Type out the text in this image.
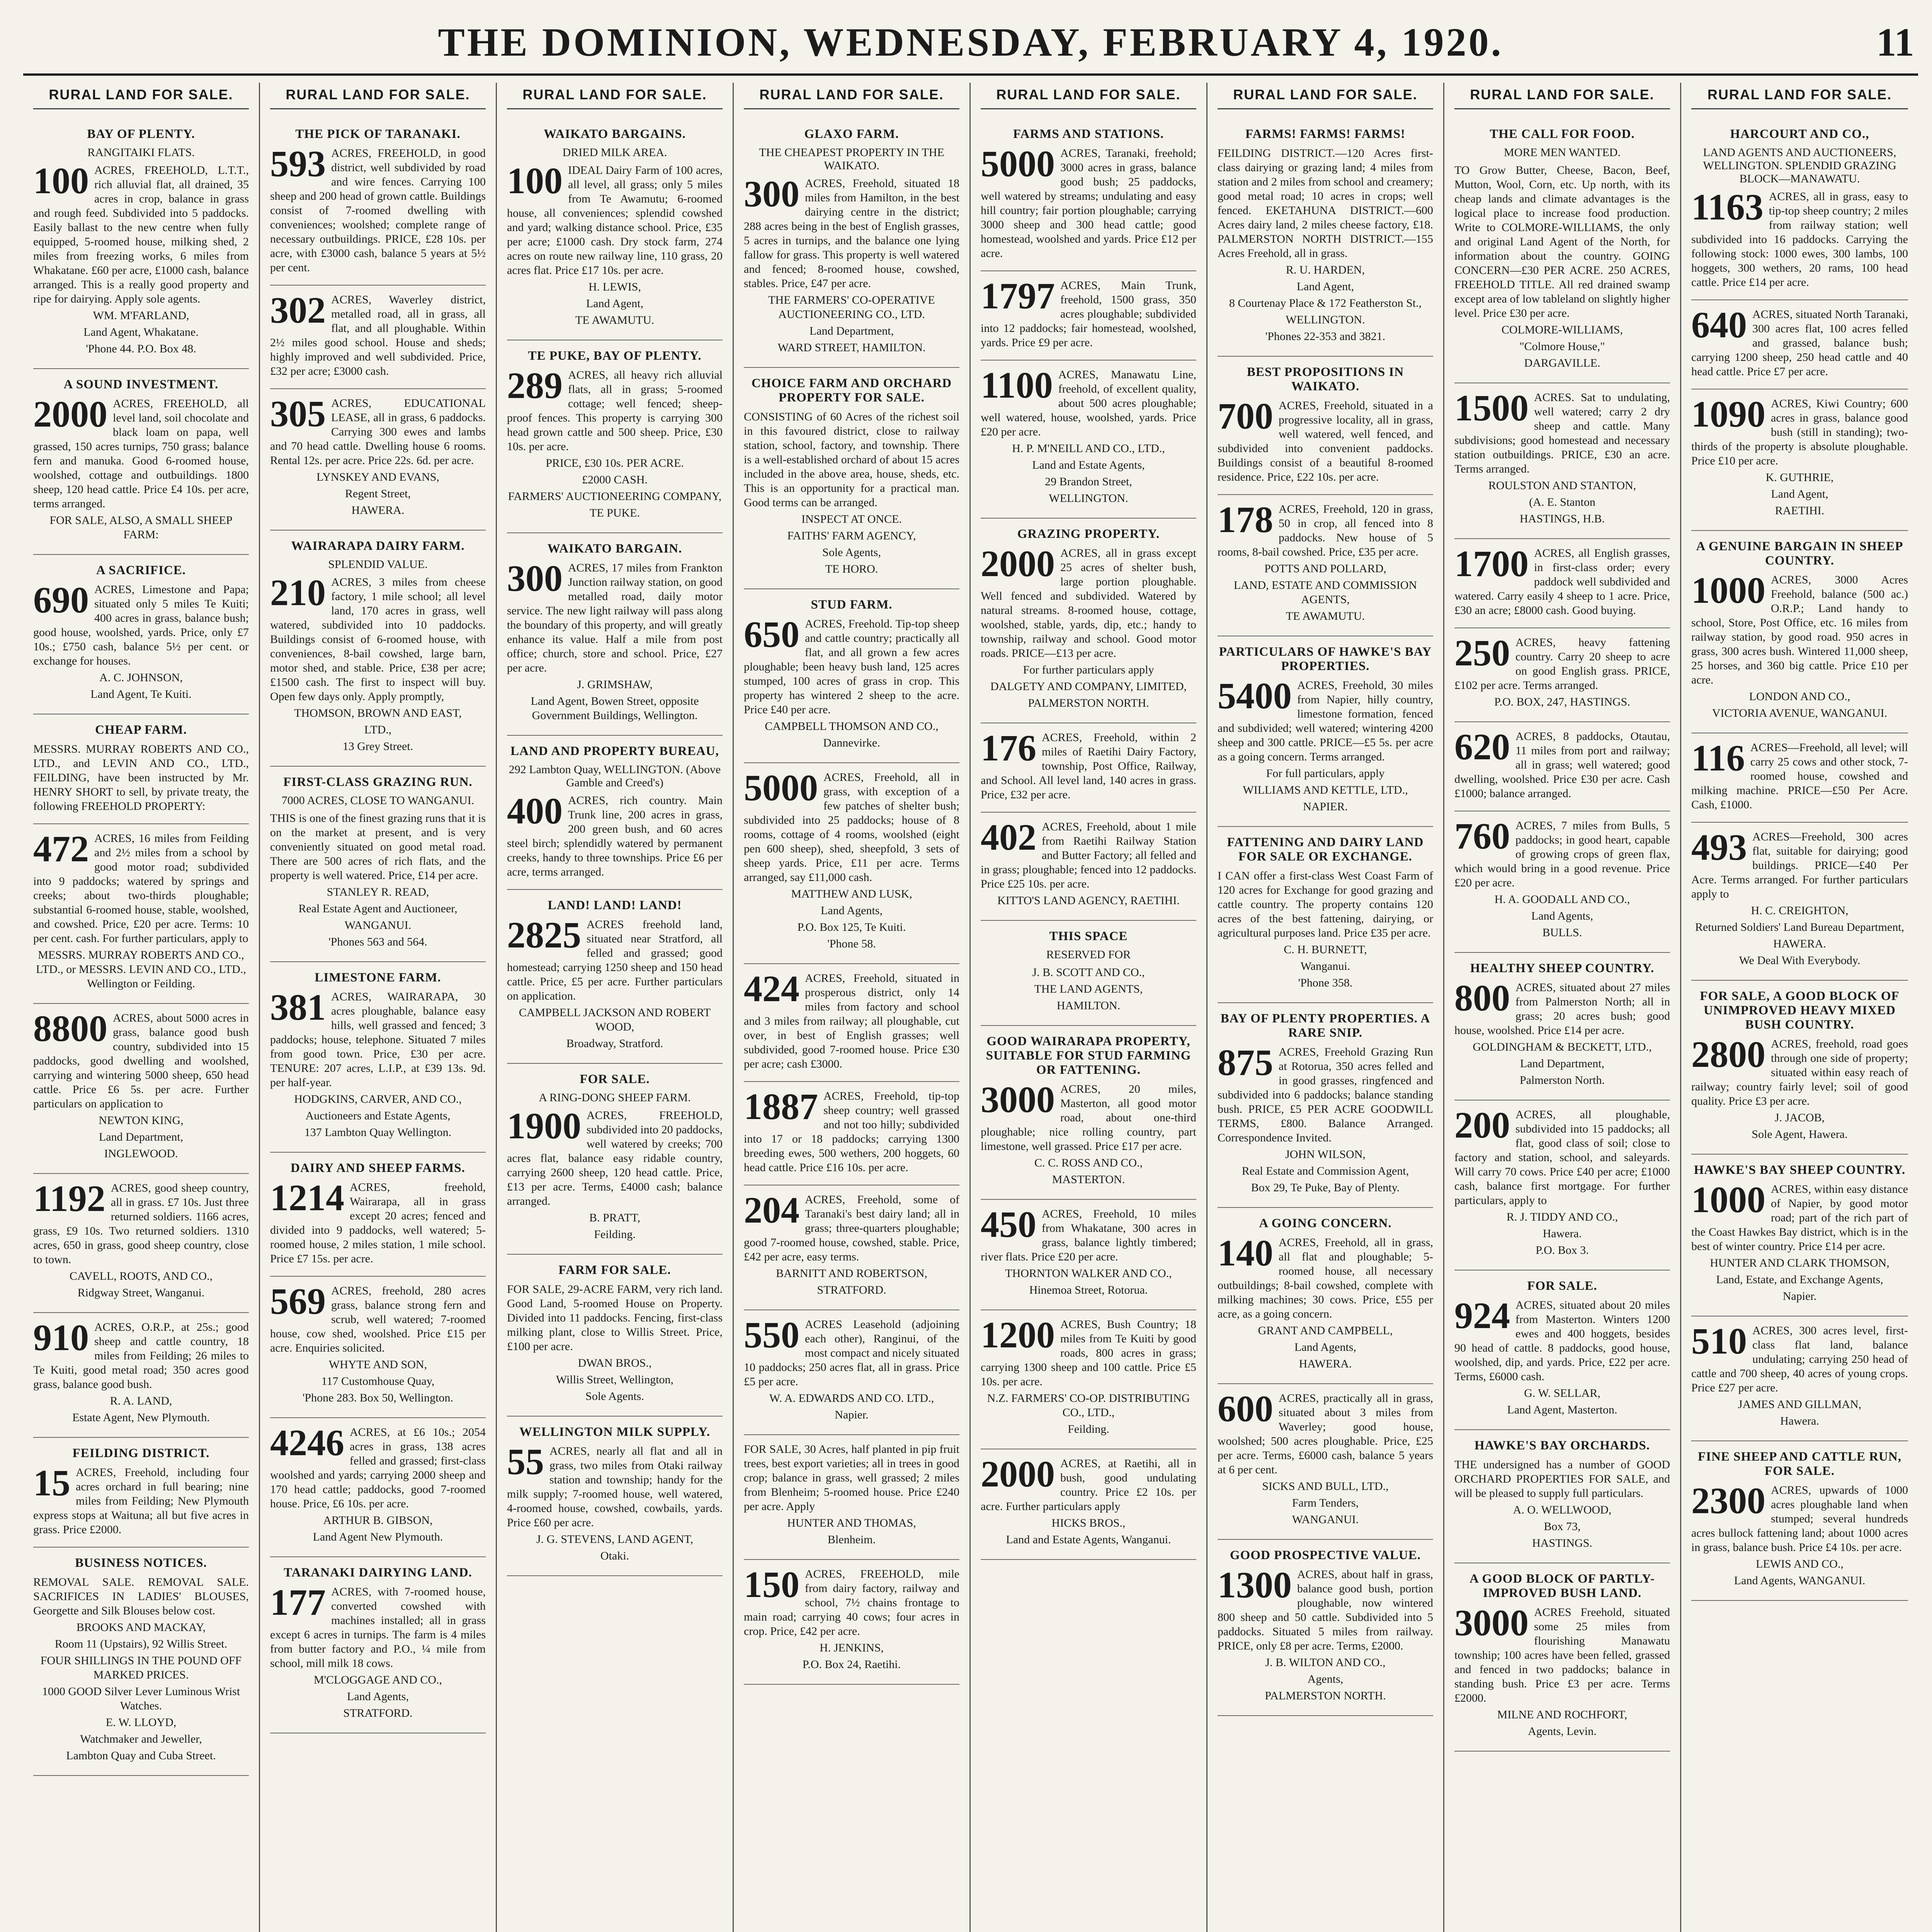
THE DOMINION, WEDNESDAY, FEBRUARY 4, 1920.	11
RURAL LAND FOR SALE.
BAY OF PLENTY.
RANGITAIKI FLATS.
100 ACRES, FREEHOLD, L.T.T., rich alluvial flat, all drained, 35 acres in crop, balance in grass and rough feed. Subdivided into 5 paddocks. Easily ballast to the new centre when fully equipped, 5-roomed house, milking shed, 2 miles from freezing works, 6 miles from Whakatane. £60 per acre, £1000 cash, balance arranged. This is a really good property and ripe for dairying. Apply sole agents.

WM. M'FARLAND,
Land Agent, Whakatane.
'Phone 44. P.O. Box 48.
A SOUND INVESTMENT.
2000 ACRES, FREEHOLD, all level land, soil chocolate and black loam on papa, well grassed, 150 acres turnips, 750 grass; balance fern and manuka. Good 6-roomed house, woolshed, cottage and outbuildings. 1800 sheep, 120 head cattle. Price £4 10s. per acre, terms arranged.

FOR SALE, ALSO, A SMALL SHEEP FARM:
A SACRIFICE.
690 ACRES, Limestone and Papa; situated only 5 miles Te Kuiti; 400 acres in grass, balance bush; good house, woolshed, yards. Price, only £7 10s.; £750 cash, balance 5½ per cent. or exchange for houses.

A. C. JOHNSON,
Land Agent, Te Kuiti.
CHEAP FARM.

MESSRS. MURRAY ROBERTS AND CO., LTD., and LEVIN AND CO., LTD., FEILDING, have been instructed by Mr. HENRY SHORT to sell, by private treaty, the following FREEHOLD PROPERTY:

472 ACRES, 16 miles from Feilding and 2½ miles from a school by good motor road; subdivided into 9 paddocks; watered by springs and creeks; about two-thirds ploughable; substantial 6-roomed house, stable, woolshed, and cowshed. Price, £20 per acre. Terms: 10 per cent. cash. For further particulars, apply to

MESSRS. MURRAY ROBERTS AND CO., LTD., or MESSRS. LEVIN AND CO., LTD., Wellington or Feilding.
8800 ACRES, about 5000 acres in grass, balance good bush country, subdivided into 15 paddocks, good dwelling and woolshed, carrying and wintering 5000 sheep, 650 head cattle. Price £6 5s. per acre. Further particulars on application to

NEWTON KING,
Land Department,
INGLEWOOD.
1192 ACRES, good sheep country, all in grass. £7 10s. Just three returned soldiers. 1166 acres, grass, £9 10s. Two returned soldiers. 1310 acres, 650 in grass, good sheep country, close to town.

CAVELL, ROOTS, AND CO.,
Ridgway Street, Wanganui.
910 ACRES, O.R.P., at 25s.; good sheep and cattle country, 18 miles from Feilding; 26 miles to Te Kuiti, good metal road; 350 acres good grass, balance good bush.

R. A. LAND,
Estate Agent, New Plymouth.
FEILDING DISTRICT.
15 ACRES, Freehold, including four acres orchard in full bearing; nine miles from Feilding; New Plymouth express stops at Waituna; all but five acres in grass. Price £2000.

BUSINESS NOTICES.

REMOVAL SALE. REMOVAL SALE. SACRIFICES IN LADIES' BLOUSES, Georgette and Silk Blouses below cost.

BROOKS AND MACKAY,
Room 11 (Upstairs), 92 Willis Street.
FOUR SHILLINGS IN THE POUND OFF MARKED PRICES.
1000 GOOD Silver Lever Luminous Wrist Watches.
E. W. LLOYD,
Watchmaker and Jeweller,
Lambton Quay and Cuba Street.
RURAL LAND FOR SALE.
THE PICK OF TARANAKI.
593 ACRES, FREEHOLD, in good district, well subdivided by road and wire fences. Carrying 100 sheep and 200 head of grown cattle. Buildings consist of 7-roomed dwelling with conveniences; woolshed; complete range of necessary outbuildings. PRICE, £28 10s. per acre, with £3000 cash, balance 5 years at 5½ per cent.

302 ACRES, Waverley district, metalled road, all in grass, all flat, and all ploughable. Within 2½ miles good school. House and sheds; highly improved and well subdivided. Price, £32 per acre; £3000 cash.

305 ACRES, EDUCATIONAL LEASE, all in grass, 6 paddocks. Carrying 300 ewes and lambs and 70 head cattle. Dwelling house 6 rooms. Rental 12s. per acre. Price 22s. 6d. per acre.

LYNSKEY AND EVANS,
Regent Street,
HAWERA.
WAIRARAPA DAIRY FARM.
SPLENDID VALUE.
210 ACRES, 3 miles from cheese factory, 1 mile school; all level land, 170 acres in grass, well watered, subdivided into 10 paddocks. Buildings consist of 6-roomed house, with conveniences, 8-bail cowshed, large barn, motor shed, and stable. Price, £38 per acre; £1500 cash. The first to inspect will buy. Open few days only. Apply promptly,

THOMSON, BROWN AND EAST,
LTD.,
13 Grey Street.
FIRST-CLASS GRAZING RUN.
7000 ACRES, CLOSE TO WANGANUI.

THIS is one of the finest grazing runs that it is on the market at present, and is very conveniently situated on good metal road. There are 500 acres of rich flats, and the property is well watered. Price, £14 per acre.

STANLEY R. READ,
Real Estate Agent and Auctioneer,
WANGANUI.
'Phones 563 and 564.
LIMESTONE FARM.
381 ACRES, WAIRARAPA, 30 acres ploughable, balance easy hills, well grassed and fenced; 3 paddocks; house, telephone. Situated 7 miles from good town. Price, £30 per acre. TENURE: 207 acres, L.I.P., at £39 13s. 9d. per half-year.

HODGKINS, CARVER, AND CO.,
Auctioneers and Estate Agents,
137 Lambton Quay Wellington.
DAIRY AND SHEEP FARMS.
1214 ACRES, freehold, Wairarapa, all in grass except 20 acres; fenced and divided into 9 paddocks, well watered; 5-roomed house, 2 miles station, 1 mile school. Price £7 15s. per acre.

569 ACRES, freehold, 280 acres grass, balance strong fern and scrub, well watered; 7-roomed house, cow shed, woolshed. Price £15 per acre. Enquiries solicited.

WHYTE AND SON,
117 Customhouse Quay,
'Phone 283. Box 50, Wellington.
4246 ACRES, at £6 10s.; 2054 acres in grass, 138 acres felled and grassed; first-class woolshed and yards; carrying 2000 sheep and 170 head cattle; paddocks, good 7-roomed house. Price, £6 10s. per acre.

ARTHUR B. GIBSON,
Land Agent New Plymouth.
TARANAKI DAIRYING LAND.
177 ACRES, with 7-roomed house, converted cowshed with machines installed; all in grass except 6 acres in turnips. The farm is 4 miles from butter factory and P.O., ¼ mile from school, mill milk 18 cows.

M'CLOGGAGE AND CO.,
Land Agents,
STRATFORD.
RURAL LAND FOR SALE.
WAIKATO BARGAINS.
DRIED MILK AREA.
100 IDEAL Dairy Farm of 100 acres, all level, all grass; only 5 miles from Te Awamutu; 6-roomed house, all conveniences; splendid cowshed and yard; walking distance school. Price, £35 per acre; £1000 cash. Dry stock farm, 274 acres on route new railway line, 110 grass, 20 acres flat. Price £17 10s. per acre.

H. LEWIS,
Land Agent,
TE AWAMUTU.
TE PUKE, BAY OF PLENTY.
289 ACRES, all heavy rich alluvial flats, all in grass; 5-roomed cottage; well fenced; sheep-proof fences. This property is carrying 300 head grown cattle and 500 sheep. Price, £30 10s. per acre.

PRICE, £30 10s. PER ACRE.
£2000 CASH.
FARMERS' AUCTIONEERING COMPANY,
TE PUKE.
WAIKATO BARGAIN.
300 ACRES, 17 miles from Frankton Junction railway station, on good metalled road, daily motor service. The new light railway will pass along the boundary of this property, and will greatly enhance its value. Half a mile from post office; church, store and school. Price, £27 per acre.

J. GRIMSHAW,
Land Agent, Bowen Street, opposite Government Buildings, Wellington.
LAND AND PROPERTY BUREAU,
292 Lambton Quay, WELLINGTON. (Above Gamble and Creed's)
400 ACRES, rich country. Main Trunk line, 200 acres in grass, 200 green bush, and 60 acres steel birch; splendidly watered by permanent creeks, handy to three townships. Price £6 per acre, terms arranged.

LAND! LAND! LAND!
2825 ACRES freehold land, situated near Stratford, all felled and grassed; good homestead; carrying 1250 sheep and 150 head cattle. Price, £5 per acre. Further particulars on application.

CAMPBELL JACKSON AND ROBERT WOOD,
Broadway, Stratford.
FOR SALE.
A RING-DONG SHEEP FARM.
1900 ACRES, FREEHOLD, subdivided into 20 paddocks, well watered by creeks; 700 acres flat, balance easy ridable country, carrying 2600 sheep, 120 head cattle. Price, £13 per acre. Terms, £4000 cash; balance arranged.

B. PRATT,
Feilding.
FARM FOR SALE.

FOR SALE, 29-ACRE FARM, very rich land. Good Land, 5-roomed House on Property. Divided into 11 paddocks. Fencing, first-class milking plant, close to Willis Street. Price, £100 per acre.

DWAN BROS.,
Willis Street, Wellington,
Sole Agents.
WELLINGTON MILK SUPPLY.
55 ACRES, nearly all flat and all in grass, two miles from Otaki railway station and township; handy for the milk supply; 7-roomed house, well watered, 4-roomed house, cowshed, cowbails, yards. Price £60 per acre.

J. G. STEVENS, LAND AGENT,
Otaki.
RURAL LAND FOR SALE.
GLAXO FARM.
THE CHEAPEST PROPERTY IN THE WAIKATO.
300 ACRES, Freehold, situated 18 miles from Hamilton, in the best dairying centre in the district; 288 acres being in the best of English grasses, 5 acres in turnips, and the balance one lying fallow for grass. This property is well watered and fenced; 8-roomed house, cowshed, stables. Price, £47 per acre.

THE FARMERS' CO-OPERATIVE AUCTIONEERING CO., LTD.
Land Department,
WARD STREET, HAMILTON.
CHOICE FARM AND ORCHARD PROPERTY FOR SALE.

CONSISTING of 60 Acres of the richest soil in this favoured district, close to railway station, school, factory, and township. There is a well-established orchard of about 15 acres included in the above area, house, sheds, etc. This is an opportunity for a practical man. Good terms can be arranged.

INSPECT AT ONCE.
FAITHS' FARM AGENCY,
Sole Agents,
TE HORO.
STUD FARM.
650 ACRES, Freehold. Tip-top sheep and cattle country; practically all flat, and all grown a few acres ploughable; been heavy bush land, 125 acres stumped, 100 acres of grass in crop. This property has wintered 2 sheep to the acre. Price £40 per acre.

CAMPBELL THOMSON AND CO.,
Dannevirke.
5000 ACRES, Freehold, all in grass, with exception of a few patches of shelter bush; subdivided into 25 paddocks; house of 8 rooms, cottage of 4 rooms, woolshed (eight pen 600 sheep), shed, sheepfold, 3 sets of sheep yards. Price, £11 per acre. Terms arranged, say £11,000 cash.

MATTHEW AND LUSK,
Land Agents,
P.O. Box 125, Te Kuiti.
'Phone 58.
424 ACRES, Freehold, situated in prosperous district, only 14 miles from factory and school and 3 miles from railway; all ploughable, cut over, in best of English grasses; well subdivided, good 7-roomed house. Price £30 per acre; cash £3000.

1887 ACRES, Freehold, tip-top sheep country; well grassed and not too hilly; subdivided into 17 or 18 paddocks; carrying 1300 breeding ewes, 500 wethers, 200 hoggets, 60 head cattle. Price £16 10s. per acre.

204 ACRES, Freehold, some of Taranaki's best dairy land; all in grass; three-quarters ploughable; good 7-roomed house, cowshed, stable. Price, £42 per acre, easy terms.

BARNITT AND ROBERTSON,
STRATFORD.
550 ACRES Leasehold (adjoining each other), Ranginui, of the most compact and nicely situated 10 paddocks; 250 acres flat, all in grass. Price £5 per acre.

W. A. EDWARDS AND CO. LTD.,
Napier.

FOR SALE, 30 Acres, half planted in pip fruit trees, best export varieties; all in trees in good crop; balance in grass, well grassed; 2 miles from Blenheim; 5-roomed house. Price £240 per acre. Apply

HUNTER AND THOMAS,
Blenheim.
150 ACRES, FREEHOLD, mile from dairy factory, railway and school, 7½ chains frontage to main road; carrying 40 cows; four acres in crop. Price, £42 per acre.

H. JENKINS,
P.O. Box 24, Raetihi.
RURAL LAND FOR SALE.
FARMS AND STATIONS.
5000 ACRES, Taranaki, freehold; 3000 acres in grass, balance good bush; 25 paddocks, well watered by streams; undulating and easy hill country; fair portion ploughable; carrying 3000 sheep and 300 head cattle; good homestead, woolshed and yards. Price £12 per acre.

1797 ACRES, Main Trunk, freehold, 1500 grass, 350 acres ploughable; subdivided into 12 paddocks; fair homestead, woolshed, yards. Price £9 per acre.

1100 ACRES, Manawatu Line, freehold, of excellent quality, about 500 acres ploughable; well watered, house, woolshed, yards. Price £20 per acre.

H. P. M'NEILL AND CO., LTD.,
Land and Estate Agents,
29 Brandon Street,
WELLINGTON.
GRAZING PROPERTY.
2000 ACRES, all in grass except 25 acres of shelter bush, large portion ploughable. Well fenced and subdivided. Watered by natural streams. 8-roomed house, cottage, woolshed, stable, yards, dip, etc.; handy to township, railway and school. Good motor roads. PRICE—£13 per acre.

For further particulars apply
DALGETY AND COMPANY, LIMITED,
PALMERSTON NORTH.
176 ACRES, Freehold, within 2 miles of Raetihi Dairy Factory, township, Post Office, Railway, and School. All level land, 140 acres in grass. Price, £32 per acre.

402 ACRES, Freehold, about 1 mile from Raetihi Railway Station and Butter Factory; all felled and in grass; ploughable; fenced into 12 paddocks. Price £25 10s. per acre.

KITTO'S LAND AGENCY, RAETIHI.
THIS SPACE
RESERVED FOR
J. B. SCOTT AND CO.,
THE LAND AGENTS,
HAMILTON.
GOOD WAIRARAPA PROPERTY, SUITABLE FOR STUD FARMING OR FATTENING.
3000 ACRES, 20 miles, Masterton, all good motor road, about one-third ploughable; nice rolling country, part limestone, well grassed. Price £17 per acre.

C. C. ROSS AND CO.,
MASTERTON.
450 ACRES, Freehold, 10 miles from Whakatane, 300 acres in grass, balance lightly timbered; river flats. Price £20 per acre.

THORNTON WALKER AND CO.,
Hinemoa Street, Rotorua.
1200 ACRES, Bush Country; 18 miles from Te Kuiti by good roads, 800 acres in grass; carrying 1300 sheep and 100 cattle. Price £5 10s. per acre.

N.Z. FARMERS' CO-OP. DISTRIBUTING CO., LTD.,
Feilding.
2000 ACRES, at Raetihi, all in bush, good undulating country. Price £2 10s. per acre. Further particulars apply

HICKS BROS.,
Land and Estate Agents, Wanganui.
RURAL LAND FOR SALE.
FARMS! FARMS! FARMS!

FEILDING DISTRICT.—120 Acres first-class dairying or grazing land; 4 miles from station and 2 miles from school and creamery; good metal road; 10 acres in crops; well fenced. EKETAHUNA DISTRICT.—600 Acres dairy land, 2 miles cheese factory, £18. PALMERSTON NORTH DISTRICT.—155 Acres Freehold, all in grass.

R. U. HARDEN,
Land Agent,
8 Courtenay Place & 172 Featherston St.,
WELLINGTON.
'Phones 22-353 and 3821.
BEST PROPOSITIONS IN WAIKATO.
700 ACRES, Freehold, situated in a progressive locality, all in grass, well watered, well fenced, and subdivided into convenient paddocks. Buildings consist of a beautiful 8-roomed residence. Price, £22 10s. per acre.

178 ACRES, Freehold, 120 in grass, 50 in crop, all fenced into 8 paddocks. New house of 5 rooms, 8-bail cowshed. Price, £35 per acre.

POTTS AND POLLARD,
LAND, ESTATE AND COMMISSION AGENTS,
TE AWAMUTU.
PARTICULARS OF HAWKE'S BAY PROPERTIES.
5400 ACRES, Freehold, 30 miles from Napier, hilly country, limestone formation, fenced and subdivided; well watered; wintering 4200 sheep and 300 cattle. PRICE—£5 5s. per acre as a going concern. Terms arranged.

For full particulars, apply
WILLIAMS AND KETTLE, LTD.,
NAPIER.
FATTENING AND DAIRY LAND FOR SALE OR EXCHANGE.

I CAN offer a first-class West Coast Farm of 120 acres for Exchange for good grazing and cattle country. The property contains 120 acres of the best fattening, dairying, or agricultural purposes land. Price £35 per acre.

C. H. BURNETT,
Wanganui.
'Phone 358.
BAY OF PLENTY PROPERTIES. A RARE SNIP.
875 ACRES, Freehold Grazing Run at Rotorua, 350 acres felled and in good grasses, ringfenced and subdivided into 6 paddocks; balance standing bush. PRICE, £5 PER ACRE GOODWILL TERMS, £800. Balance Arranged. Correspondence Invited.

JOHN WILSON,
Real Estate and Commission Agent,
Box 29, Te Puke, Bay of Plenty.
A GOING CONCERN.
140 ACRES, Freehold, all in grass, all flat and ploughable; 5-roomed house, all necessary outbuildings; 8-bail cowshed, complete with milking machines; 30 cows. Price, £55 per acre, as a going concern.

GRANT AND CAMPBELL,
Land Agents,
HAWERA.
600 ACRES, practically all in grass, situated about 3 miles from Waverley; good house, woolshed; 500 acres ploughable. Price, £25 per acre. Terms, £6000 cash, balance 5 years at 6 per cent.

SICKS AND BULL, LTD.,
Farm Tenders,
WANGANUI.
GOOD PROSPECTIVE VALUE.
1300 ACRES, about half in grass, balance good bush, portion ploughable, now wintered 800 sheep and 50 cattle. Subdivided into 5 paddocks. Situated 5 miles from railway. PRICE, only £8 per acre. Terms, £2000.

J. B. WILTON AND CO.,
Agents,
PALMERSTON NORTH.
RURAL LAND FOR SALE.
THE CALL FOR FOOD.
MORE MEN WANTED.

TO Grow Butter, Cheese, Bacon, Beef, Mutton, Wool, Corn, etc. Up north, with its cheap lands and climate advantages is the logical place to increase food production. Write to COLMORE-WILLIAMS, the only and original Land Agent of the North, for information about the country. GOING CONCERN—£30 PER ACRE. 250 ACRES, FREEHOLD TITLE. All red drained swamp except area of low tableland on slightly higher level. Price £30 per acre.

COLMORE-WILLIAMS,
"Colmore House,"
DARGAVILLE.
1500 ACRES. Sat to undulating, well watered; carry 2 dry sheep and cattle. Many subdivisions; good homestead and necessary station outbuildings. PRICE, £30 an acre. Terms arranged.

ROULSTON AND STANTON,
(A. E. Stanton
HASTINGS, H.B.
1700 ACRES, all English grasses, in first-class order; every paddock well subdivided and watered. Carry easily 4 sheep to 1 acre. Price, £30 an acre; £8000 cash. Good buying.

250 ACRES, heavy fattening country. Carry 20 sheep to acre on good English grass. PRICE, £102 per acre. Terms arranged.

P.O. BOX, 247, HASTINGS.
620 ACRES, 8 paddocks, Otautau, 11 miles from port and railway; all in grass; well watered; good dwelling, woolshed. Price £30 per acre. Cash £1000; balance arranged.

760 ACRES, 7 miles from Bulls, 5 paddocks; in good heart, capable of growing crops of green flax, which would bring in a good revenue. Price £20 per acre.

H. A. GOODALL AND CO.,
Land Agents,
BULLS.
HEALTHY SHEEP COUNTRY.
800 ACRES, situated about 27 miles from Palmerston North; all in grass; 20 acres bush; good house, woolshed. Price £14 per acre.

GOLDINGHAM & BECKETT, LTD.,
Land Department,
Palmerston North.
200 ACRES, all ploughable, subdivided into 15 paddocks; all flat, good class of soil; close to factory and station, school, and saleyards. Will carry 70 cows. Price £40 per acre; £1000 cash, balance first mortgage. For further particulars, apply to

R. J. TIDDY AND CO.,
Hawera.
P.O. Box 3.
FOR SALE.
924 ACRES, situated about 20 miles from Masterton. Winters 1200 ewes and 400 hoggets, besides 90 head of cattle. 8 paddocks, good house, woolshed, dip, and yards. Price, £22 per acre. Terms, £6000 cash.

G. W. SELLAR,
Land Agent, Masterton.
HAWKE'S BAY ORCHARDS.

THE undersigned has a number of GOOD ORCHARD PROPERTIES FOR SALE, and will be pleased to supply full particulars.

A. O. WELLWOOD,
Box 73,
HASTINGS.
A GOOD BLOCK OF PARTLY-IMPROVED BUSH LAND.
3000 ACRES Freehold, situated some 25 miles from flourishing Manawatu township; 100 acres have been felled, grassed and fenced in two paddocks; balance in standing bush. Price £3 per acre. Terms £2000.

MILNE AND ROCHFORT,
Agents, Levin.
RURAL LAND FOR SALE.
HARCOURT AND CO.,
LAND AGENTS AND AUCTIONEERS, WELLINGTON. SPLENDID GRAZING BLOCK—MANAWATU.
1163 ACRES, all in grass, easy to tip-top sheep country; 2 miles from railway station; well subdivided into 16 paddocks. Carrying the following stock: 1000 ewes, 300 lambs, 100 hoggets, 300 wethers, 20 rams, 100 head cattle. Price £14 per acre.

640 ACRES, situated North Taranaki, 300 acres flat, 100 acres felled and grassed, balance bush; carrying 1200 sheep, 250 head cattle and 40 head cattle. Price £7 per acre.

1090 ACRES, Kiwi Country; 600 acres in grass, balance good bush (still in standing); two-thirds of the property is absolute ploughable. Price £10 per acre.

K. GUTHRIE,
Land Agent,
RAETIHI.
A GENUINE BARGAIN IN SHEEP COUNTRY.
1000 ACRES, 3000 Acres Freehold, balance (500 ac.) O.R.P.; Land handy to school, Store, Post Office, etc. 16 miles from railway station, by good road. 950 acres in grass, 300 acres bush. Wintered 11,000 sheep, 25 horses, and 360 big cattle. Price £10 per acre.

LONDON AND CO.,
VICTORIA AVENUE, WANGANUI.
116 ACRES—Freehold, all level; will carry 25 cows and other stock, 7-roomed house, cowshed and milking machine. PRICE—£50 Per Acre. Cash, £1000.

493 ACRES—Freehold, 300 acres flat, suitable for dairying; good buildings. PRICE—£40 Per Acre. Terms arranged. For further particulars apply to

H. C. CREIGHTON,
Returned Soldiers' Land Bureau Department,
HAWERA.
We Deal With Everybody.
FOR SALE, A GOOD BLOCK OF UNIMPROVED HEAVY MIXED BUSH COUNTRY.
2800 ACRES, freehold, road goes through one side of property; situated within easy reach of railway; country fairly level; soil of good quality. Price £3 per acre.

J. JACOB,
Sole Agent, Hawera.
HAWKE'S BAY SHEEP COUNTRY.
1000 ACRES, within easy distance of Napier, by good motor road; part of the rich part of the Coast Hawkes Bay district, which is in the best of winter country. Price £14 per acre.

HUNTER AND CLARK THOMSON,
Land, Estate, and Exchange Agents,
Napier.
510 ACRES, 300 acres level, first-class flat land, balance undulating; carrying 250 head of cattle and 700 sheep, 40 acres of young crops. Price £27 per acre.

JAMES AND GILLMAN,
Hawera.
FINE SHEEP AND CATTLE RUN, FOR SALE.
2300 ACRES, upwards of 1000 acres ploughable land when stumped; several hundreds acres bullock fattening land; about 1000 acres in grass, balance bush. Price £4 10s. per acre.

LEWIS AND CO.,
Land Agents, WANGANUI.
